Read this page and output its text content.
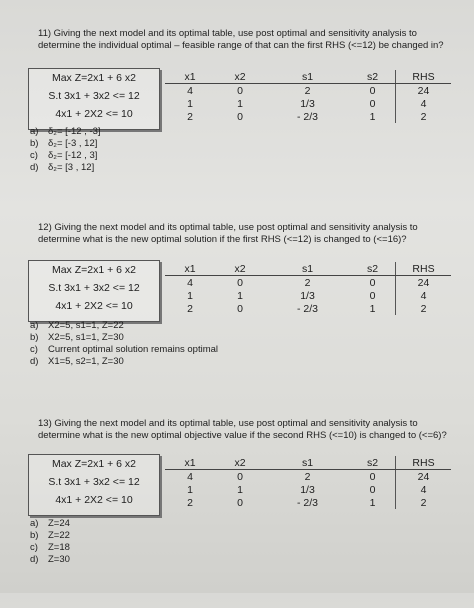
11) Giving the next model and its optimal table, use post optimal and sensitivity analysis to determine the individual optimal – feasible range of that can the first RHS (<=12) be changed in?
Max Z=2x1 + 6 x2
S.t 3x1 + 3x2 <= 12
4x1 + 2X2 <= 10
x1	x2	s1	s2	RHS
4	0	2	0	24
1	1	1/3	0	4
2	0	- 2/3	1	2
a) δ₂= [-12 , -3]
b) δ₂= [-3 , 12]
c) δ₂= [-12 , 3]
d) δ₂= [3 , 12]
12) Giving the next model and its optimal table, use post optimal and sensitivity analysis to determine what is the new optimal solution if the first RHS (<=12) is changed to (<=16)?
Max Z=2x1 + 6 x2
S.t 3x1 + 3x2 <= 12
4x1 + 2X2 <= 10
x1	x2	s1	s2	RHS
4	0	2	0	24
1	1	1/3	0	4
2	0	- 2/3	1	2
a) X2=5, s1=1, Z=22
b) X2=5, s1=1, Z=30
c) Current optimal solution remains optimal
d) X1=5, s2=1, Z=30
13) Giving the next model and its optimal table, use post optimal and sensitivity analysis to determine what is the new optimal objective value if the second RHS (<=10) is changed to (<=6)?
Max Z=2x1 + 6 x2
S.t 3x1 + 3x2 <= 12
4x1 + 2X2 <= 10
x1	x2	s1	s2	RHS
4	0	2	0	24
1	1	1/3	0	4
2	0	- 2/3	1	2
a) Z=24
b) Z=22
c) Z=18
d) Z=30
